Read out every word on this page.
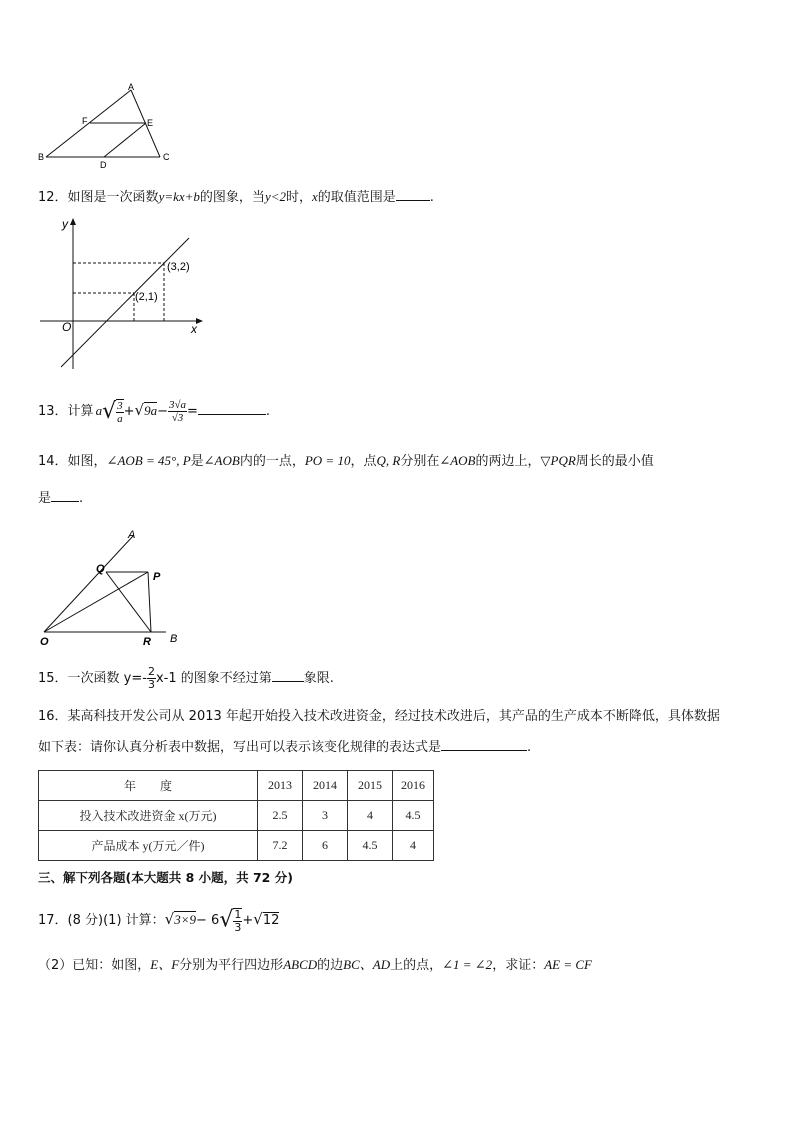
A
F	E
B
D
C
12．如图是一次函数y=kx+b的图象，当y<2时，x的取值范围是	.
y
x
O
(3,2)
(2,1)
13．计算 $a√ \frac{3}{a} +√9a- \frac{3√a}{√3}$ =	.
14．如图，∠AOB = 45°, P是∠AOB内的一点，PO = 10，点Q, R分别在∠AOB的两边上，▽PQR周长的最小值
是 .
A
Q
P
O	R B
15．一次函数 $y=- \frac{2}{3} x-1$ 的图象不经过第 象限.
16．某高科技开发公司从 2013 年起开始投入技术改进资金，经过技术改进后，其产品的生产成本不断降低，具体数据
如下表：请你认真分析表中数据，写出可以表示该变化规律的表达式是	.
年　　度	2013	2014	2015	2016
投入技术改进资金 x(万元)	2.5	3	4	4.5
产品成本 y(万元／件)	7.2	6	4.5	4
三、解下列各题(本大题共 8 小题，共 72 分)
17．(8 分)(1) 计算：$√3\times 9- 6√ \frac{1}{3} +√12$
（2）已知：如图，E、F分别为平行四边形ABCD的边BC、AD上的点，∠1 = ∠2，求证：AE = CF
